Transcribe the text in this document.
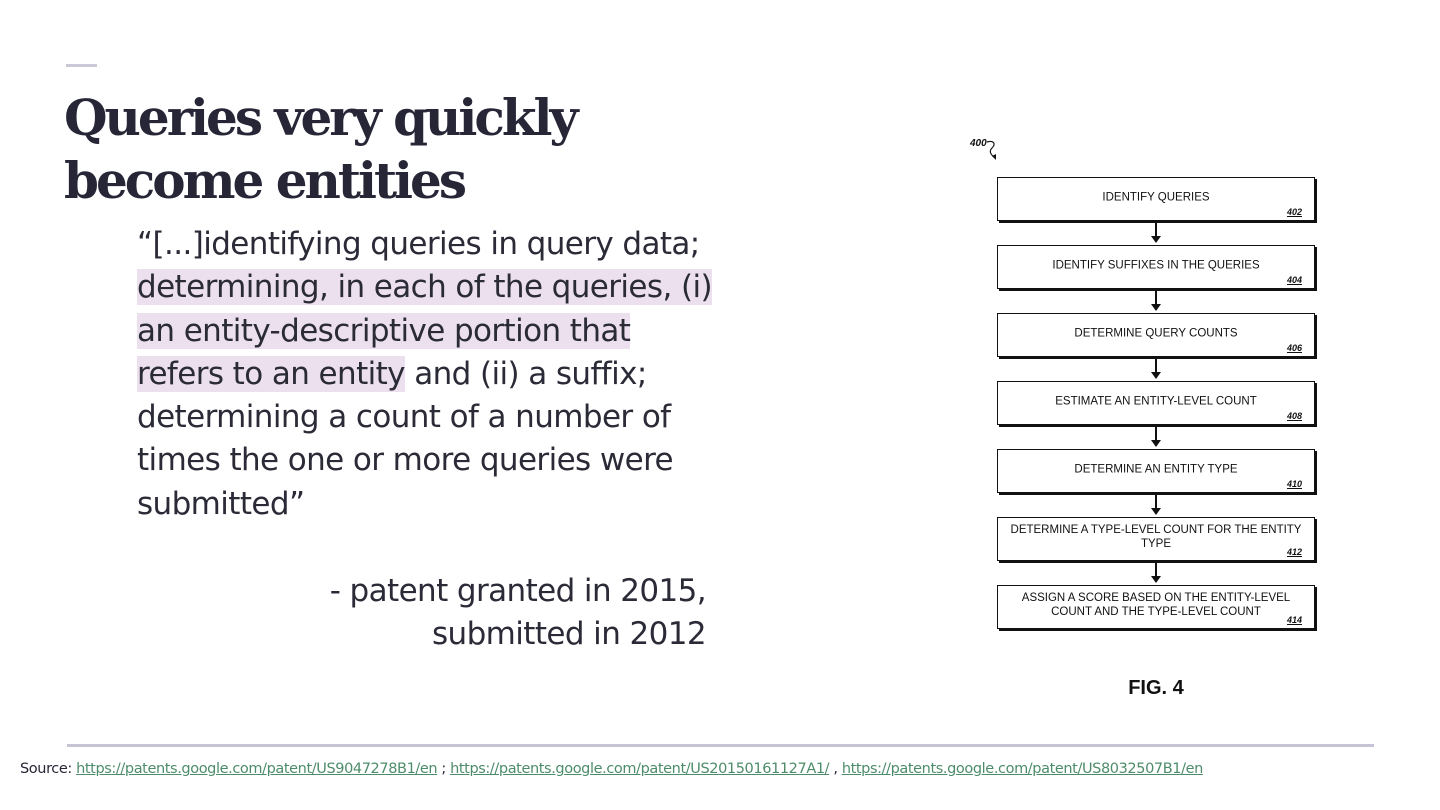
Queries very quickly
become entities

“[...]identifying queries in query data; determining, in each of the queries, (i) an entity-descriptive portion that refers to an entity and (ii) a suffix; determining a count of a number of times the one or more queries were submitted”

- patent granted in 2015,
submitted in 2012
400
IDENTIFY QUERIES
402
IDENTIFY SUFFIXES IN THE QUERIES
404
DETERMINE QUERY COUNTS
406
ESTIMATE AN ENTITY-LEVEL COUNT
408
DETERMINE AN ENTITY TYPE
410
DETERMINE A TYPE-LEVEL COUNT FOR THE ENTITY TYPE
412
ASSIGN A SCORE BASED ON THE ENTITY-LEVEL COUNT AND THE TYPE-LEVEL COUNT
414
FIG. 4
Source: https://patents.google.com/patent/US9047278B1/en ; https://patents.google.com/patent/US20150161127A1/ , https://patents.google.com/patent/US8032507B1/en
